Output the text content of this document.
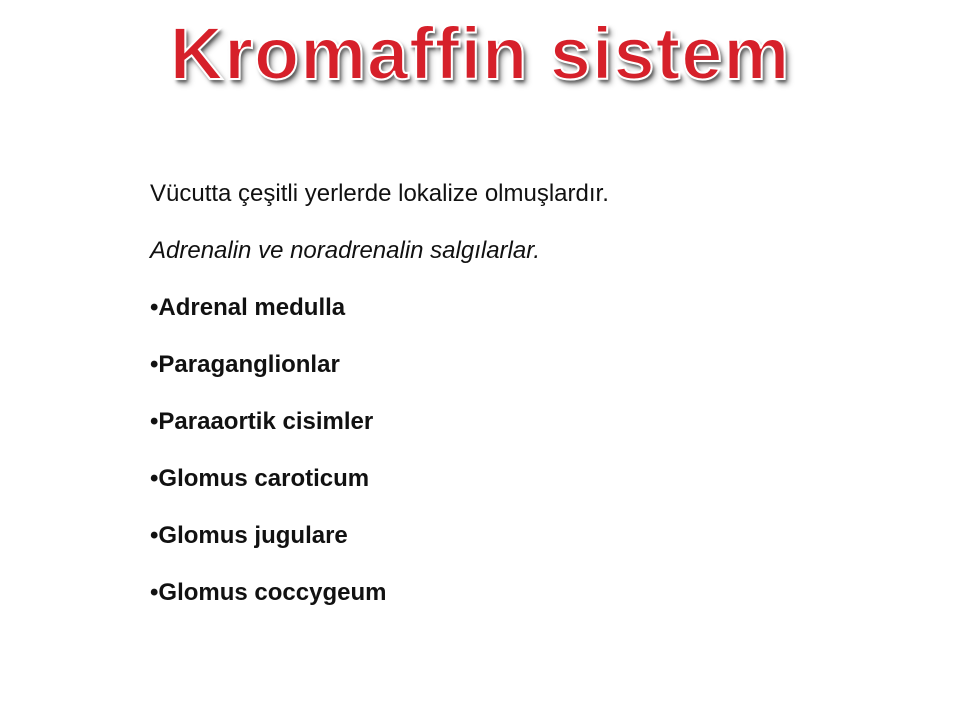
Kromaffin sistem
Vücutta çeşitli yerlerde lokalize olmuşlardır.
Adrenalin ve noradrenalin salgılarlar.
•Adrenal medulla
•Paraganglionlar
•Paraaortik cisimler
•Glomus caroticum
•Glomus jugulare
•Glomus coccygeum
